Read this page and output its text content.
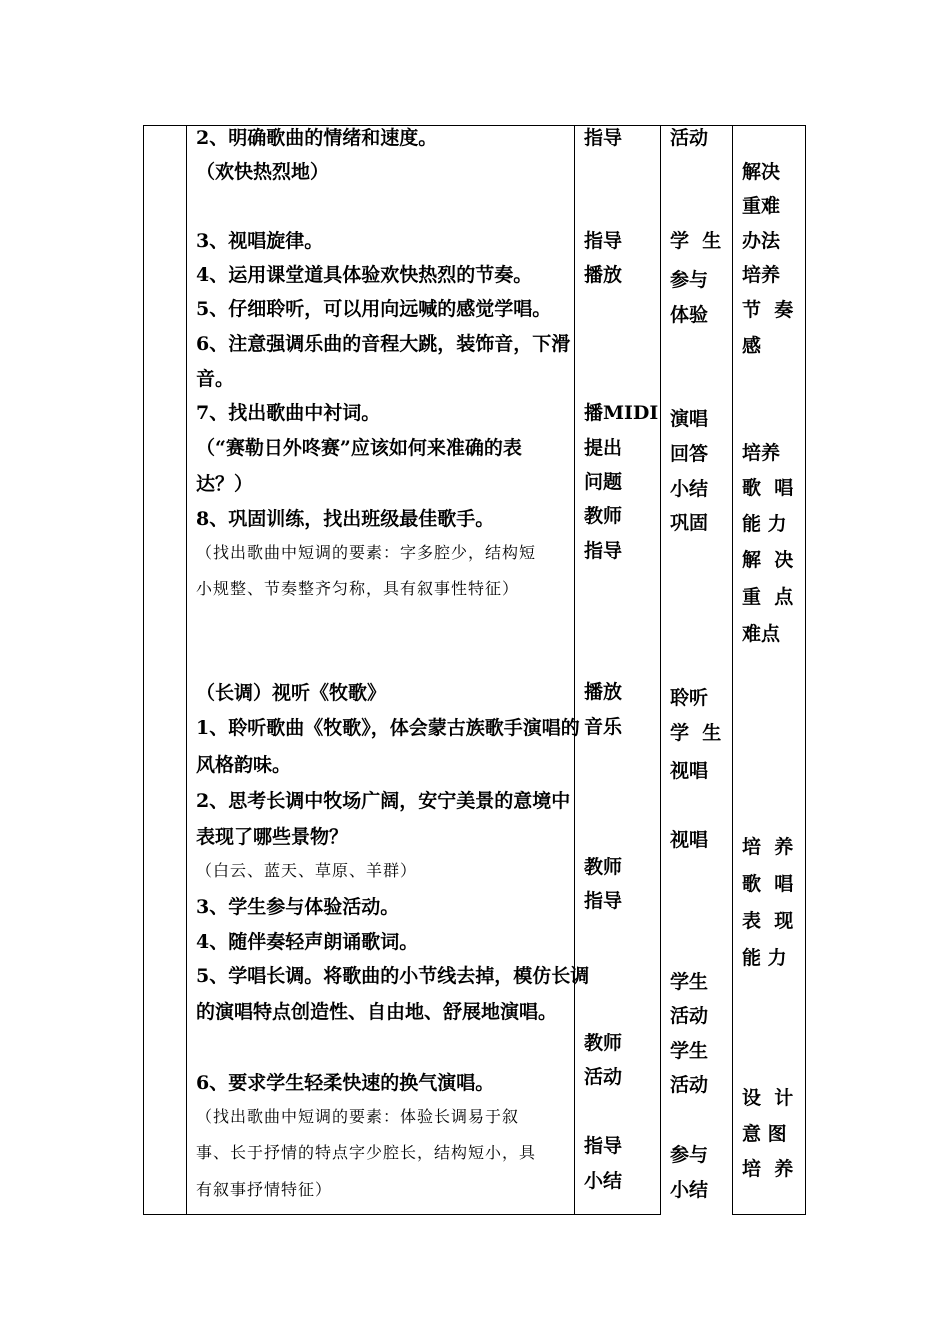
2、明确歌曲的情绪和速度。
（欢快热烈地）
3、视唱旋律。
4、运用课堂道具体验欢快热烈的节奏。
5、仔细聆听，可以用向远喊的感觉学唱。
6、注意强调乐曲的音程大跳，装饰音，下滑
音。
7、找出歌曲中衬词。
（“赛勒日外咚赛”应该如何来准确的表
达？）
8、巩固训练，找出班级最佳歌手。
（找出歌曲中短调的要素：字多腔少，结构短
小规整、节奏整齐匀称，具有叙事性特征）
（长调）视听《牧歌》
1、聆听歌曲《牧歌》，体会蒙古族歌手演唱的
风格韵味。
2、思考长调中牧场广阔，安宁美景的意境中
表现了哪些景物？
（白云、蓝天、草原、羊群）
3、学生参与体验活动。
4、随伴奏轻声朗诵歌词。
5、学唱长调。将歌曲的小节线去掉，模仿长调
的演唱特点创造性、自由地、舒展地演唱。
6、要求学生轻柔快速的换气演唱。
（找出歌曲中短调的要素：体验长调易于叙
事、长于抒情的特点字少腔长，结构短小，具
有叙事抒情特征）
指导
指导
播放
播MIDI
提出
问题
教师
指导
播放
音乐
教师
指导
教师
活动
指导
小结
活动
学  生
参与
体验
演唱
回答
小结
巩固
聆听
学  生
视唱
视唱
学生
活动
学生
活动
参与
小结
解决
重难
办法
培养
节  奏
感
培养
歌  唱
能 力
解  决
重  点
难点
培  养
歌  唱
表  现
能 力
设  计
意 图
培  养
